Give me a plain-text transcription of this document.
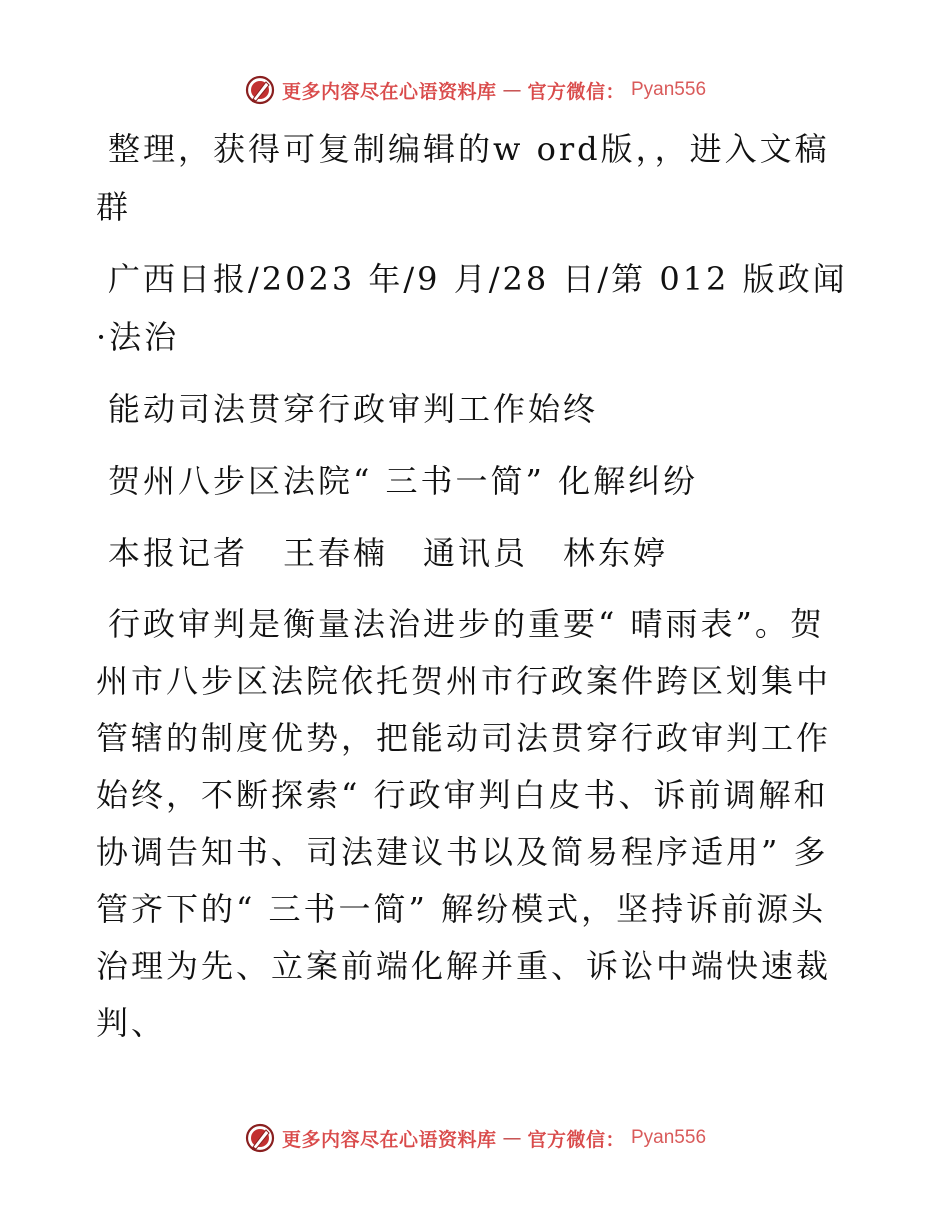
更多内容尽在心语资料库 — 官方微信： Pyan556

整理，获得可复制编辑的w ord版，，进入文稿群

广西日报/2023 年/9 月/28 日/第 012 版政闻·法治

能动司法贯穿行政审判工作始终

贺州八步区法院“ 三书一简” 化解纠纷

本报记者　王春楠　通讯员　林东婷

行政审判是衡量法治进步的重要“ 晴雨表”。贺州市八步区法院依托贺州市行政案件跨区划集中管辖的制度优势，把能动司法贯穿行政审判工作始终，不断探索“ 行政审判白皮书、诉前调解和协调告知书、司法建议书以及简易程序适用” 多管齐下的“ 三书一简” 解纷模式，坚持诉前源头治理为先、立案前端化解并重、诉讼中端快速裁判、

更多内容尽在心语资料库 — 官方微信： Pyan556
